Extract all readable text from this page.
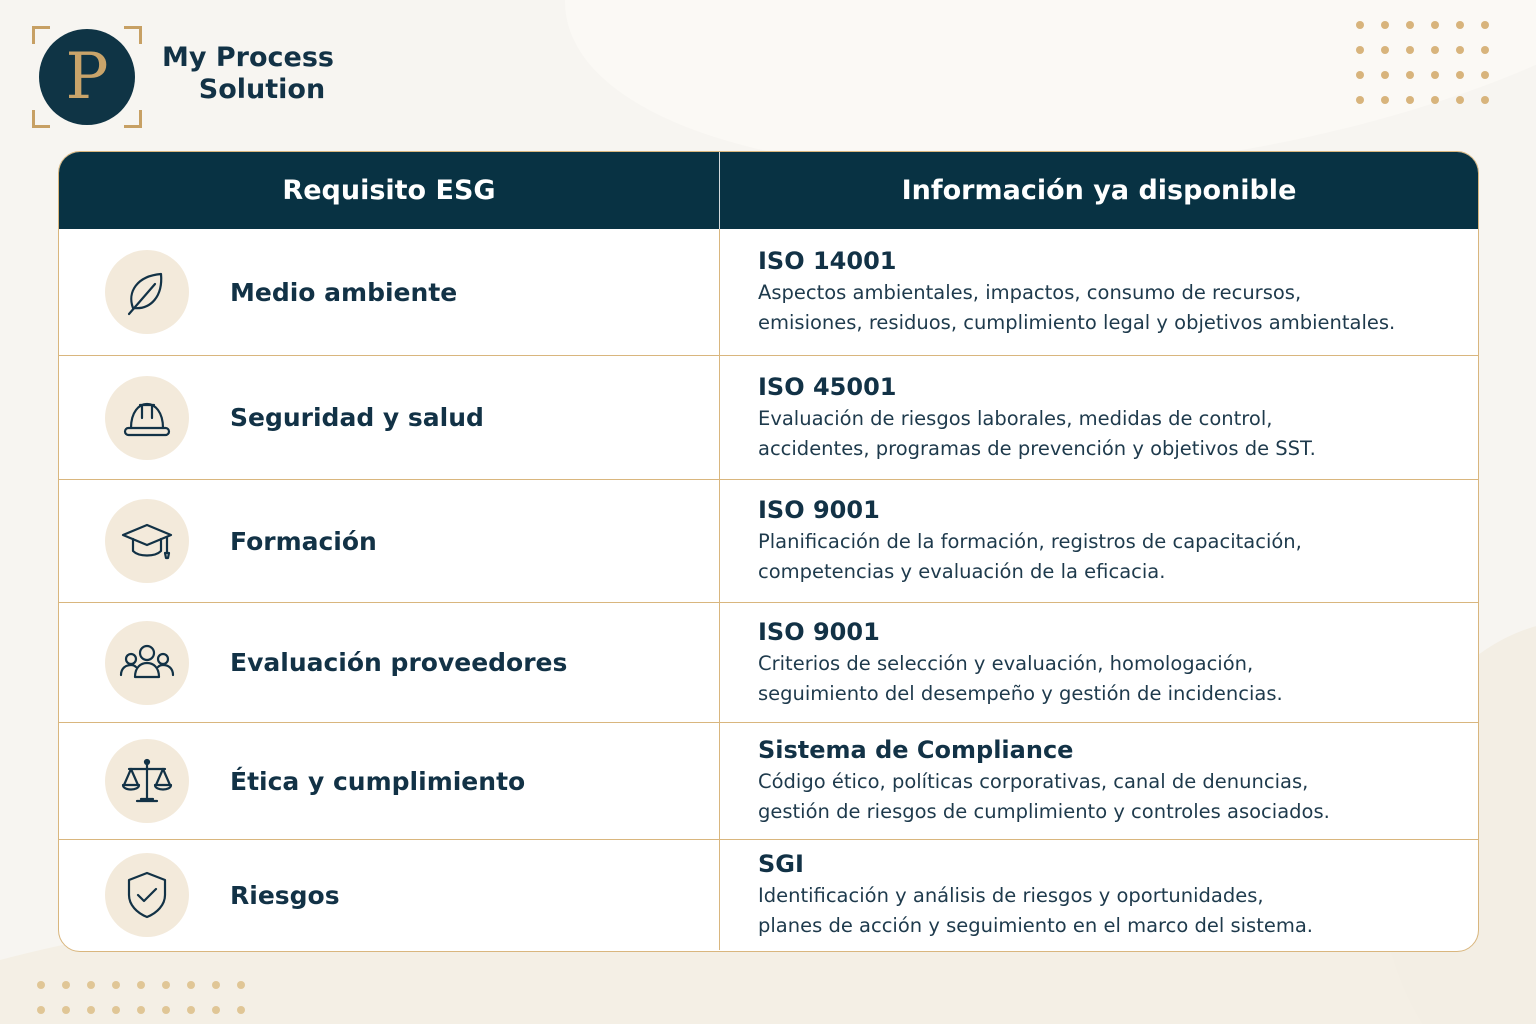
P	My Process
Solution
Requisito ESG	Información ya disponible
Medio ambiente
ISO 14001
Aspectos ambientales, impactos, consumo de recursos,
emisiones, residuos, cumplimiento legal y objetivos ambientales.
Seguridad y salud
ISO 45001
Evaluación de riesgos laborales, medidas de control,
accidentes, programas de prevención y objetivos de SST.
Formación
ISO 9001
Planificación de la formación, registros de capacitación,
competencias y evaluación de la eficacia.
Evaluación proveedores
ISO 9001
Criterios de selección y evaluación, homologación,
seguimiento del desempeño y gestión de incidencias.
Ética y cumplimiento
Sistema de Compliance
Código ético, políticas corporativas, canal de denuncias,
gestión de riesgos de cumplimiento y controles asociados.
Riesgos
SGI
Identificación y análisis de riesgos y oportunidades,
planes de acción y seguimiento en el marco del sistema.
